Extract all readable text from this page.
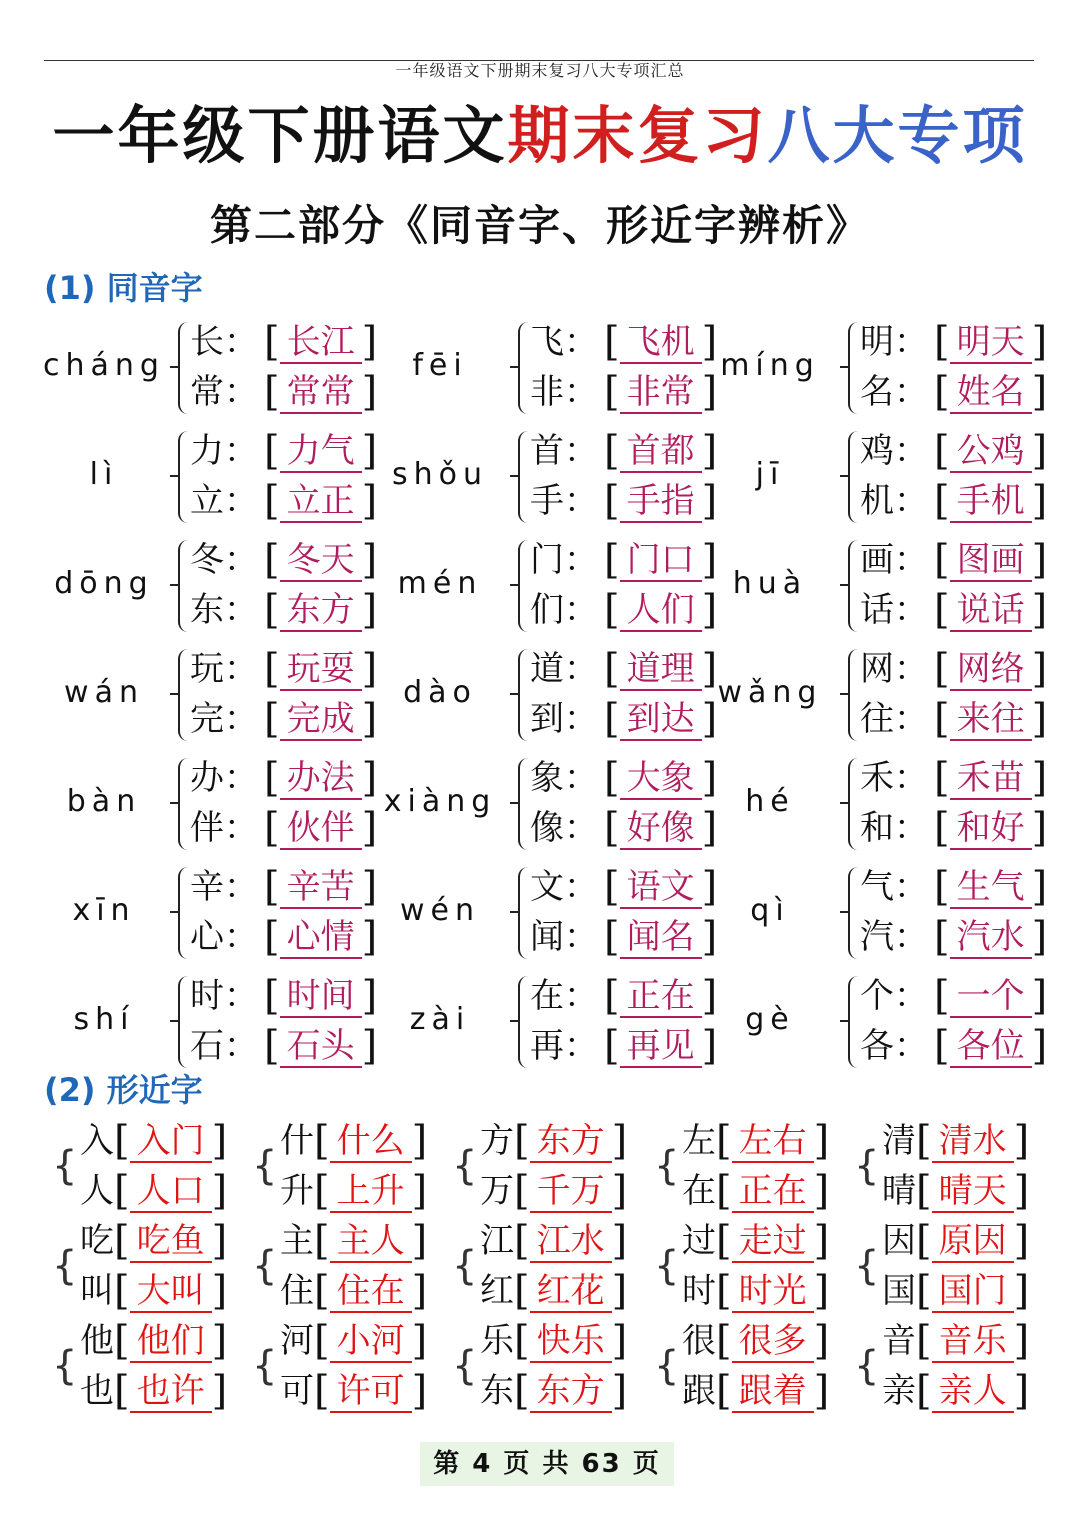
一年级语文下册期末复习八大专项汇总
一年级下册语文期末复习八大专项
第二部分《同音字、形近字辨析》
(1) 同音字
cháng
长： [ 长江 ]
常： [ 常常 ]
fēi
飞： [ 飞机 ]
非： [ 非常 ]
míng
明： [ 明天 ]
名： [ 姓名 ]
lì
力： [ 力气 ]
立： [ 立正 ]
shǒu
首： [ 首都 ]
手： [ 手指 ]
jī
鸡： [ 公鸡 ]
机： [ 手机 ]
dōng
冬： [ 冬天 ]
东： [ 东方 ]
mén
门： [ 门口 ]
们： [ 人们 ]
huà
画： [ 图画 ]
话： [ 说话 ]
wán
玩： [ 玩耍 ]
完： [ 完成 ]
dào
道： [ 道理 ]
到： [ 到达 ]
wǎng
网： [ 网络 ]
往： [ 来往 ]
bàn
办： [ 办法 ]
伴： [ 伙伴 ]
xiàng
象： [ 大象 ]
像： [ 好像 ]
hé
禾： [ 禾苗 ]
和： [ 和好 ]
xīn
辛： [ 辛苦 ]
心： [ 心情 ]
wén
文： [ 语文 ]
闻： [ 闻名 ]
qì
气： [ 生气 ]
汽： [ 汽水 ]
shí
时： [ 时间 ]
石： [ 石头 ]
zài
在： [ 正在 ]
再： [ 再见 ]
gè
个： [ 一个 ]
各： [ 各位 ]
(2) 形近字
{
入[ 入门 ]
人[ 人口 ]
{
什[ 什么 ]
升[ 上升 ]
{
方[ 东方 ]
万[ 千万 ]
{
左[ 左右 ]
在[ 正在 ]
{
清[ 清水 ]
晴[ 晴天 ]
{
吃[ 吃鱼 ]
叫[ 大叫 ]
{
主[ 主人 ]
住[ 住在 ]
{
江[ 江水 ]
红[ 红花 ]
{
过[ 走过 ]
时[ 时光 ]
{
因[ 原因 ]
国[ 国门 ]
{
他[ 他们 ]
也[ 也许 ]
{
河[ 小河 ]
可[ 许可 ]
{
乐[ 快乐 ]
东[ 东方 ]
{
很[ 很多 ]
跟[ 跟着 ]
{
音[ 音乐 ]
亲[ 亲人 ]
第 4 页 共 63 页
